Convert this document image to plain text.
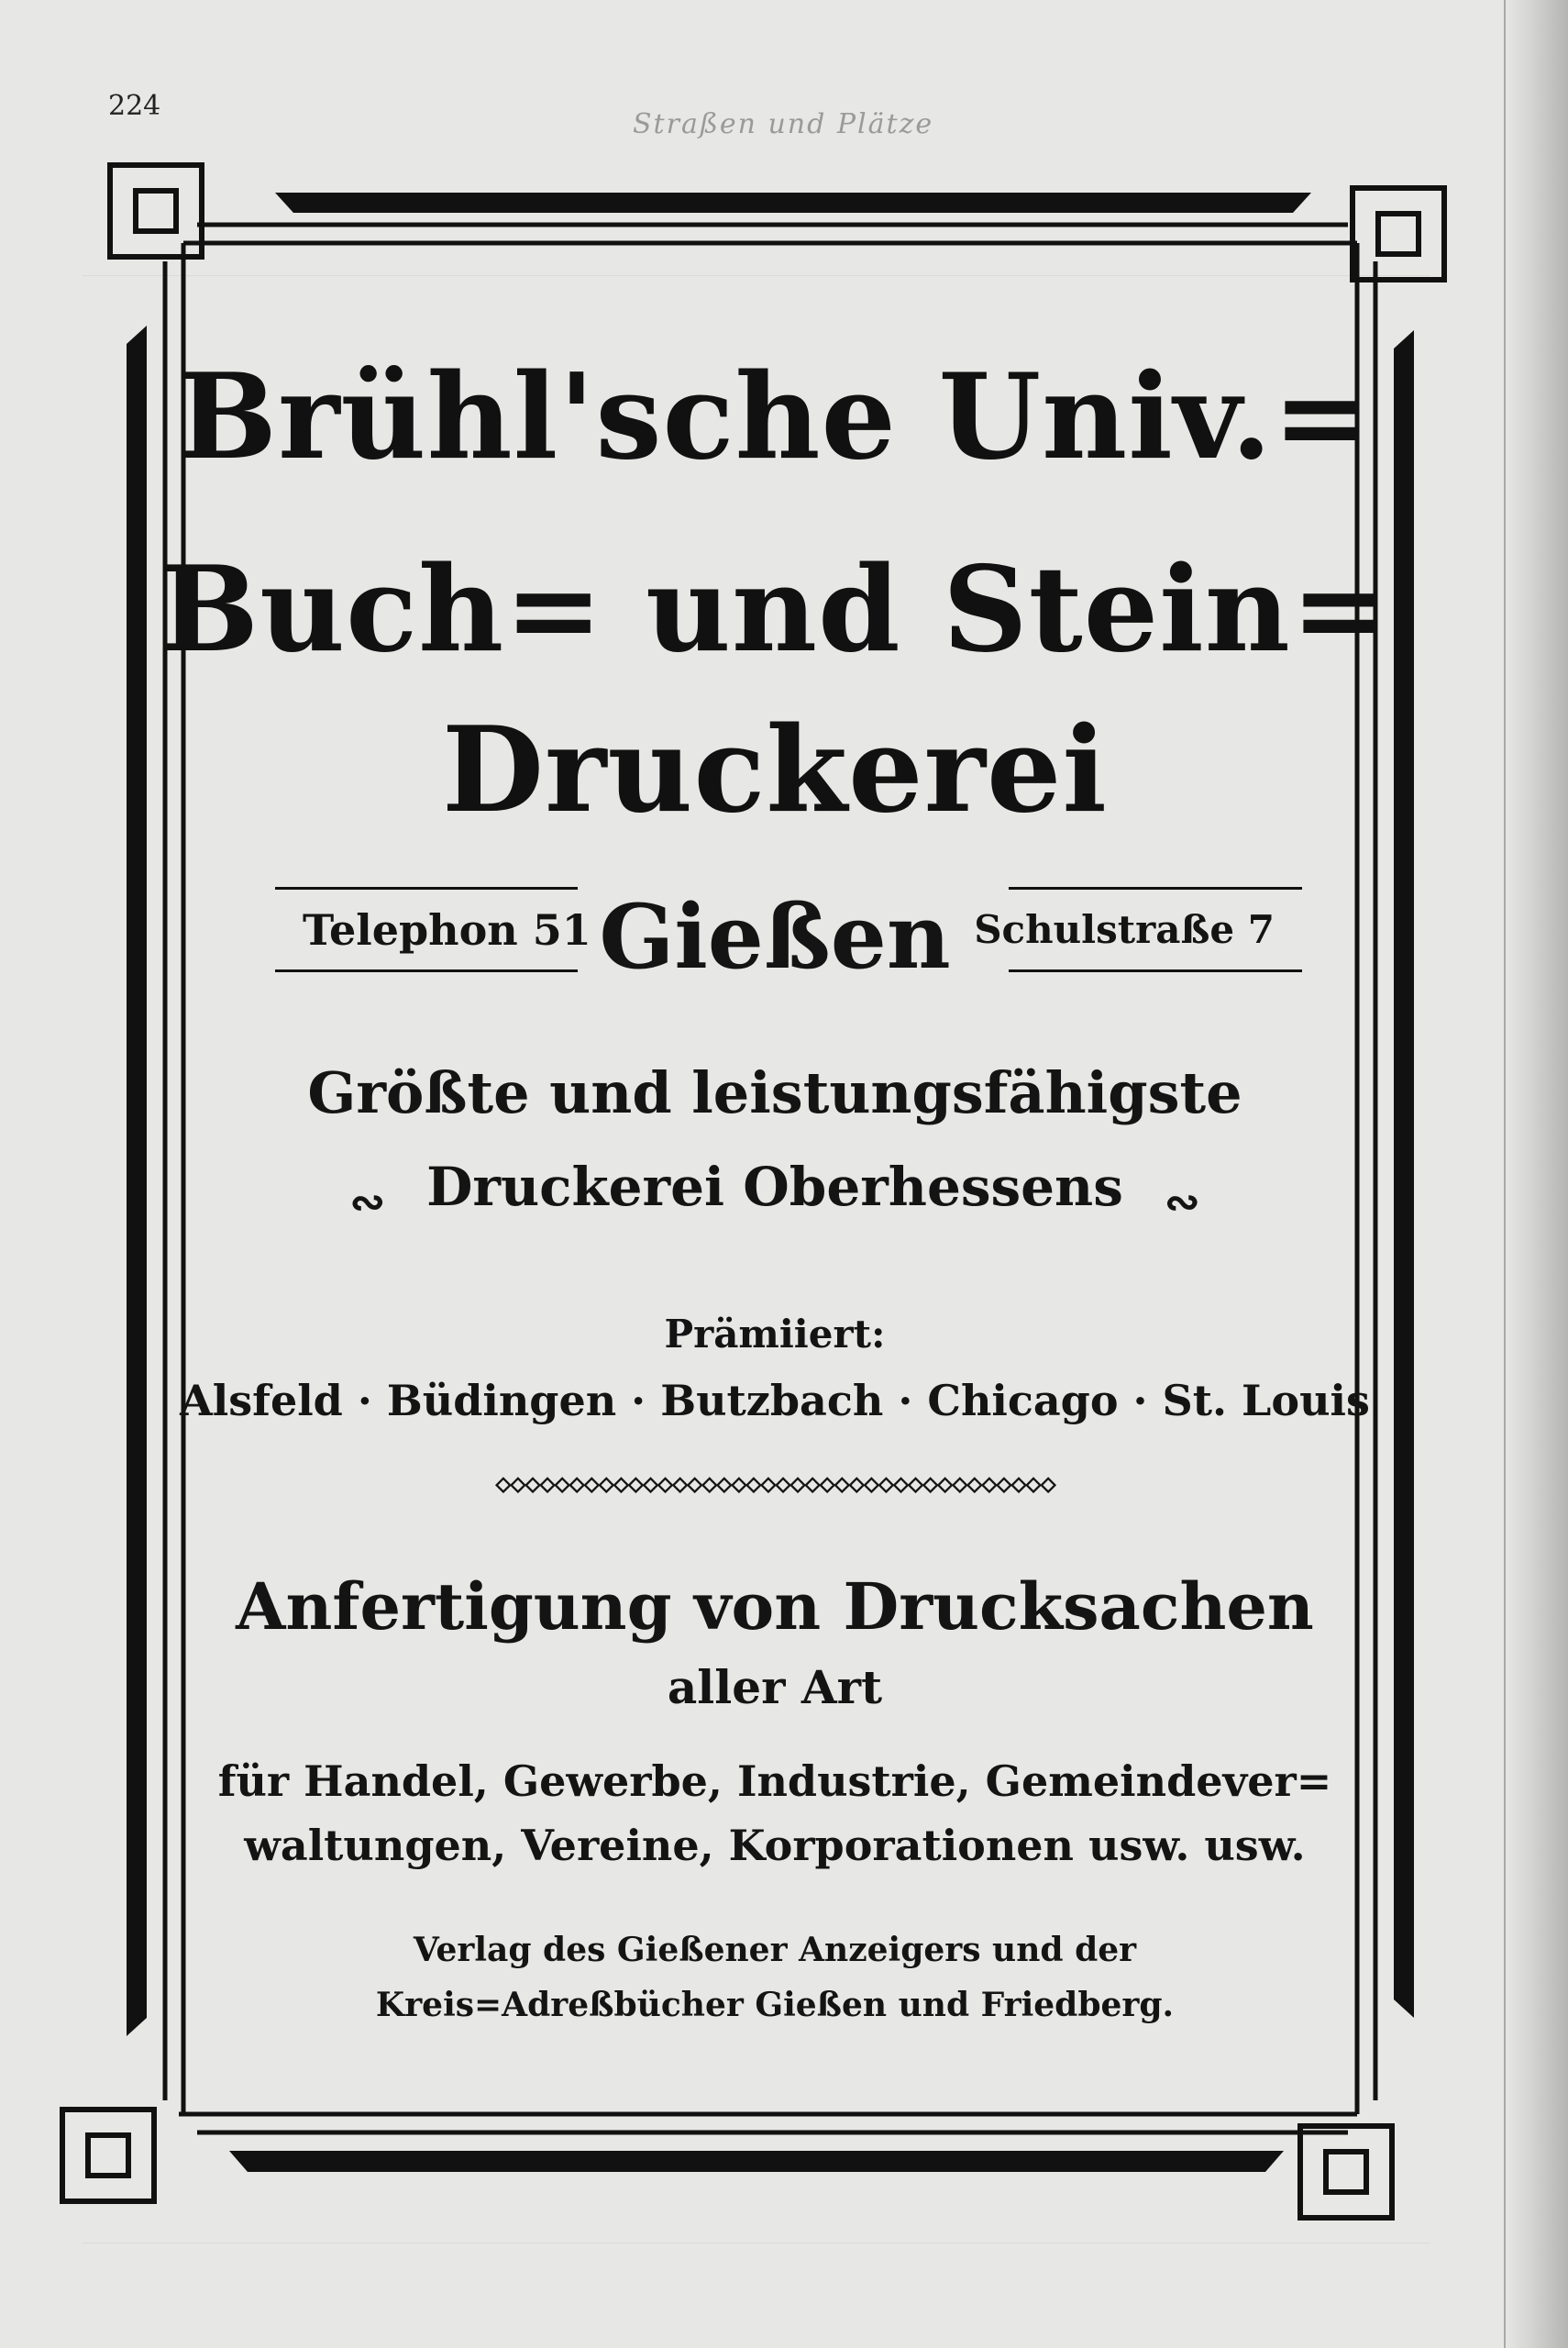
224
Straßen und Plätze
Brühl'sche Univ.=
Buch= und Stein=
Druckerei
Telephon 51 Gießen Schulstraße 7
Größte und leistungsfähigste
∾ Druckerei Oberhessens ∾
Prämiiert:
Alsfeld · Büdingen · Butzbach · Chicago · St. Louis
◇◇◇◇◇◇◇◇◇◇◇◇◇◇◇◇◇◇◇◇◇◇◇◇◇◇◇◇◇◇◇◇◇◇◇◇◇◇
Anfertigung von Drucksachen
aller Art
für Handel, Gewerbe, Industrie, Gemeindever=
waltungen, Vereine, Korporationen usw. usw.
Verlag des Gießener Anzeigers und der
Kreis=Adreßbücher Gießen und Friedberg.
